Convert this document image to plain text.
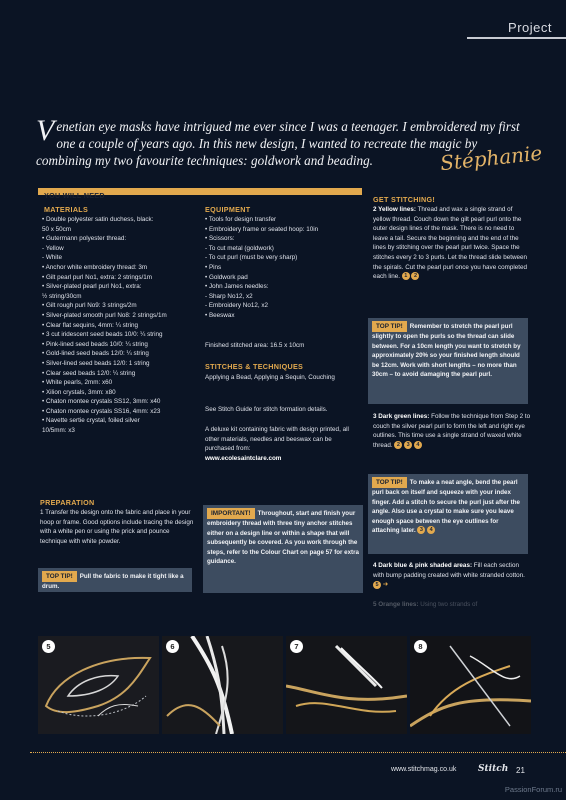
Project
Venetian eye masks have intrigued me ever since I was a teenager. I embroidered my first one a couple of years ago. In this new design, I wanted to recreate the magic by combining my two favourite techniques: goldwork and beading.	Stéphanie
YOU WILL NEED
MATERIALS
• Double polyester satin duchess, black:
50 x 50cm
• Gutermann polyester thread:
- Yellow
- White
• Anchor white embroidery thread: 3m
• Gilt pearl purl No1, extra: 2 strings/1m
• Silver-plated pearl purl No1, extra:
½ string/30cm
• Gilt rough purl No9: 3 strings/2m
• Silver-plated smooth purl No8: 2 strings/1m
• Clear flat sequins, 4mm: ¼ string
• 3 cut iridescent seed beads 10/0: ¼ string
• Pink-lined seed beads 10/0: ¼ string
• Gold-lined seed beads 12/0: ¼ string
• Silver-lined seed beads 12/0: 1 string
• Clear seed beads 12/0: ¼ string
• White pearls, 2mm: x60
• Xilion crystals, 3mm: x80
• Chaton montee crystals SS12, 3mm: x40
• Chaton montee crystals SS16, 4mm: x23
• Navette sertie crystal, foiled silver
10/5mm: x3
EQUIPMENT
• Tools for design transfer
• Embroidery frame or seated hoop: 10in
• Scissors:
- To cut metal (goldwork)
- To cut purl (must be very sharp)
• Pins
• Goldwork pad
• John James needles:
- Sharp No12, x2
- Embroidery No12, x2
• Beeswax
Finished stitched area: 16.5 x 10cm
STITCHES & TECHNIQUES
Applying a Bead, Applying a Sequin, Couching
See Stitch Guide for stitch formation details.
A deluxe kit containing fabric with design printed, all other materials, needles and beeswax can be purchased from:
www.ecolesaintclare.com
GET STITCHING!
2 Yellow lines: Thread and wax a single strand of yellow thread. Couch down the gilt pearl purl onto the outer design lines of the mask. There is no need to leave a tail. Secure the beginning and the end of the lines by stitching over the pearl purl twice. Space the stitches every 2 to 3 purls. Let the thread slide between the spirals. Cut the pearl purl once you have completed each line. 1 2
TOP TIP! Remember to stretch the pearl purl slightly to open the purls so the thread can slide between. For a 10cm length you want to stretch by approximately 20% so your finished length should be 12cm. Work with short lengths – no more than 30cm – to avoid damaging the pearl purl.
3 Dark green lines: Follow the technique from Step 2 to couch the silver pearl purl to form the left and right eye outlines. This time use a single strand of waxed white thread. 2 3 4
TOP TIP! To make a neat angle, bend the pearl purl back on itself and squeeze with your index finger. Add a stitch to secure the purl just after the angle. Also use a crystal to make sure you leave enough space between the eye outlines for attaching later. 3 4
4 Dark blue & pink shaded areas: Fill each section with bump padding created with white stranded cotton. 5 ➜
5 Orange lines: Using two strands of
PREPARATION
1 Transfer the design onto the fabric and place in your hoop or frame. Good options include tracing the design with a white pen or using the prick and pounce technique with white powder.
TOP TIP! Pull the fabric to make it tight like a drum.
IMPORTANT! Throughout, start and finish your embroidery thread with three tiny anchor stitches either on a design line or within a shape that will subsequently be covered. As you work through the steps, refer to the Colour Chart on page 57 for extra guidance.
5	6	7	8
www.stitchmag.co.uk Stitch 21
PassionForum.ru
